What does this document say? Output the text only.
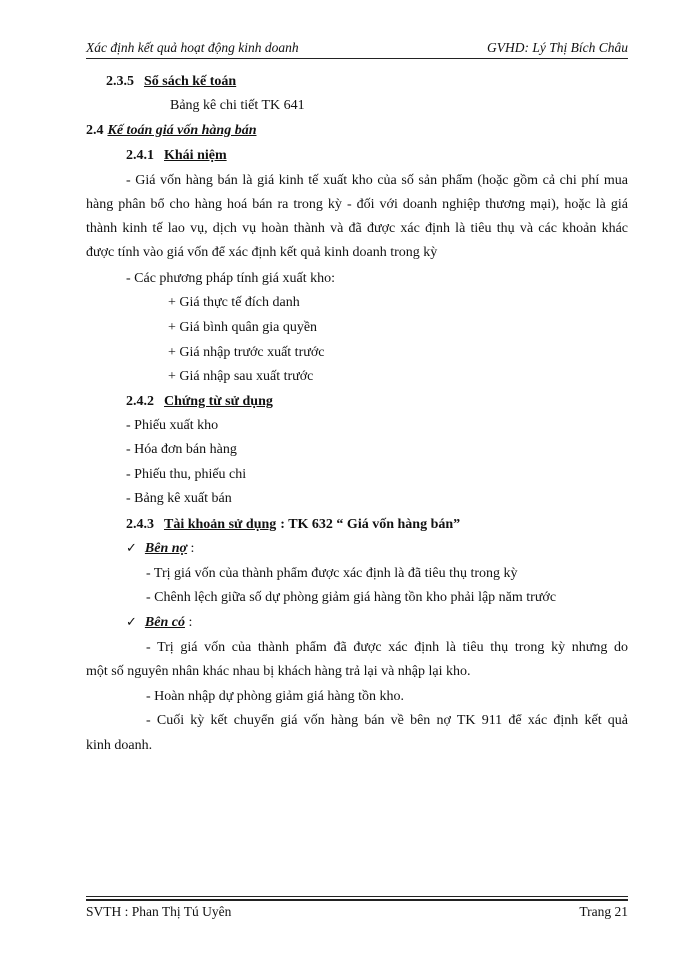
Xác định kết quả hoạt động kinh doanh	GVHD: Lý Thị Bích Châu
2.3.5 Sổ sách kế toán
Bảng kê chi tiết TK 641
2.4 Kế toán giá vốn hàng bán
2.4.1 Khái niệm
- Giá vốn hàng bán là giá kinh tế xuất kho của số sản phẩm (hoặc gồm cả chi phí mua
hàng phân bổ cho hàng hoá bán ra trong kỳ - đối với doanh nghiệp thương mại), hoặc là giá
thành kinh tế lao vụ, dịch vụ hoàn thành và đã được xác định là tiêu thụ và các khoản khác
được tính vào giá vốn để xác định kết quả kinh doanh trong kỳ
- Các phương pháp tính giá xuất kho:
+ Giá thực tế đích danh
+ Giá bình quân gia quyền
+ Giá nhập trước xuất trước
+ Giá nhập sau xuất trước
2.4.2 Chứng từ sử dụng
- Phiếu xuất kho
- Hóa đơn bán hàng
- Phiếu thu, phiếu chi
- Bảng kê xuất bán
2.4.3 Tài khoản sử dụng : TK 632 “ Giá vốn hàng bán”
✓ Bên nợ :
- Trị giá vốn của thành phẩm được xác định là đã tiêu thụ trong kỳ
- Chênh lệch giữa số dự phòng giảm giá hàng tồn kho phải lập năm trước
✓ Bên có :
- Trị giá vốn của thành phẩm đã được xác định là tiêu thụ trong kỳ nhưng do
một số nguyên nhân khác nhau bị khách hàng trả lại và nhập lại kho.
- Hoàn nhập dự phòng giảm giá hàng tồn kho.
- Cuối kỳ kết chuyển giá vốn hàng bán về bên nợ TK 911 để xác định kết quả
kinh doanh.
SVTH : Phan Thị Tú Uyên	Trang 21
